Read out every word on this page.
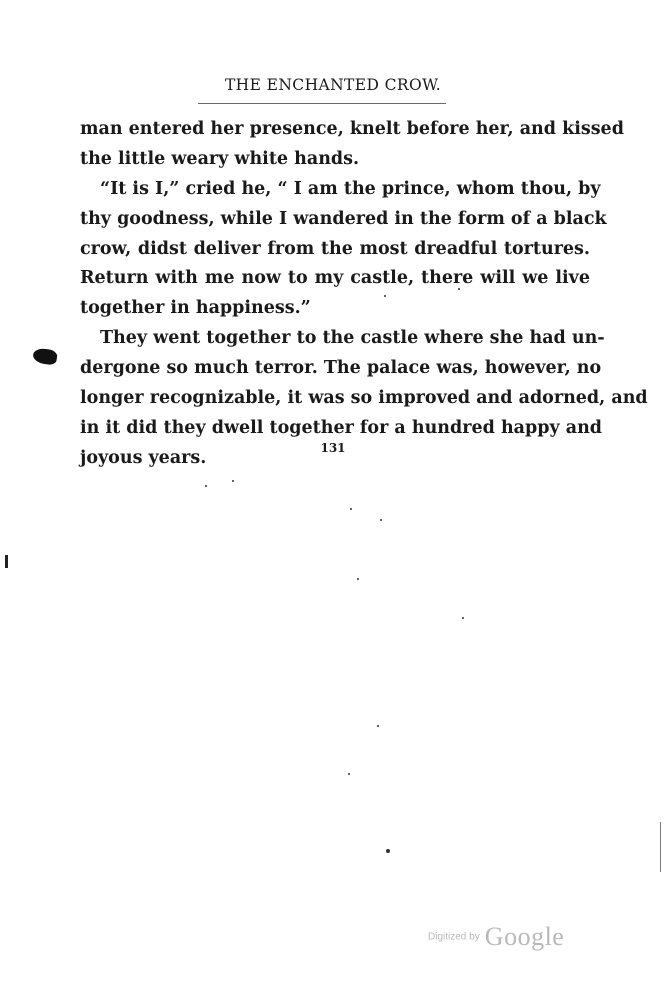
THE ENCHANTED CROW.
man entered her presence, knelt before her, and kissed
the little weary white hands.
“It is I,” cried he, “ I am the prince, whom thou, by
thy goodness, while I wandered in the form of a black
crow, didst deliver from the most dreadful tortures.
Return with me now to my castle, there will we live
together in happiness.”
They went together to the castle where she had un-
dergone so much terror. The palace was, however, no
longer recognizable, it was so improved and adorned, and
in it did they dwell together for a hundred happy and
joyous years.	131
Digitized by Google
